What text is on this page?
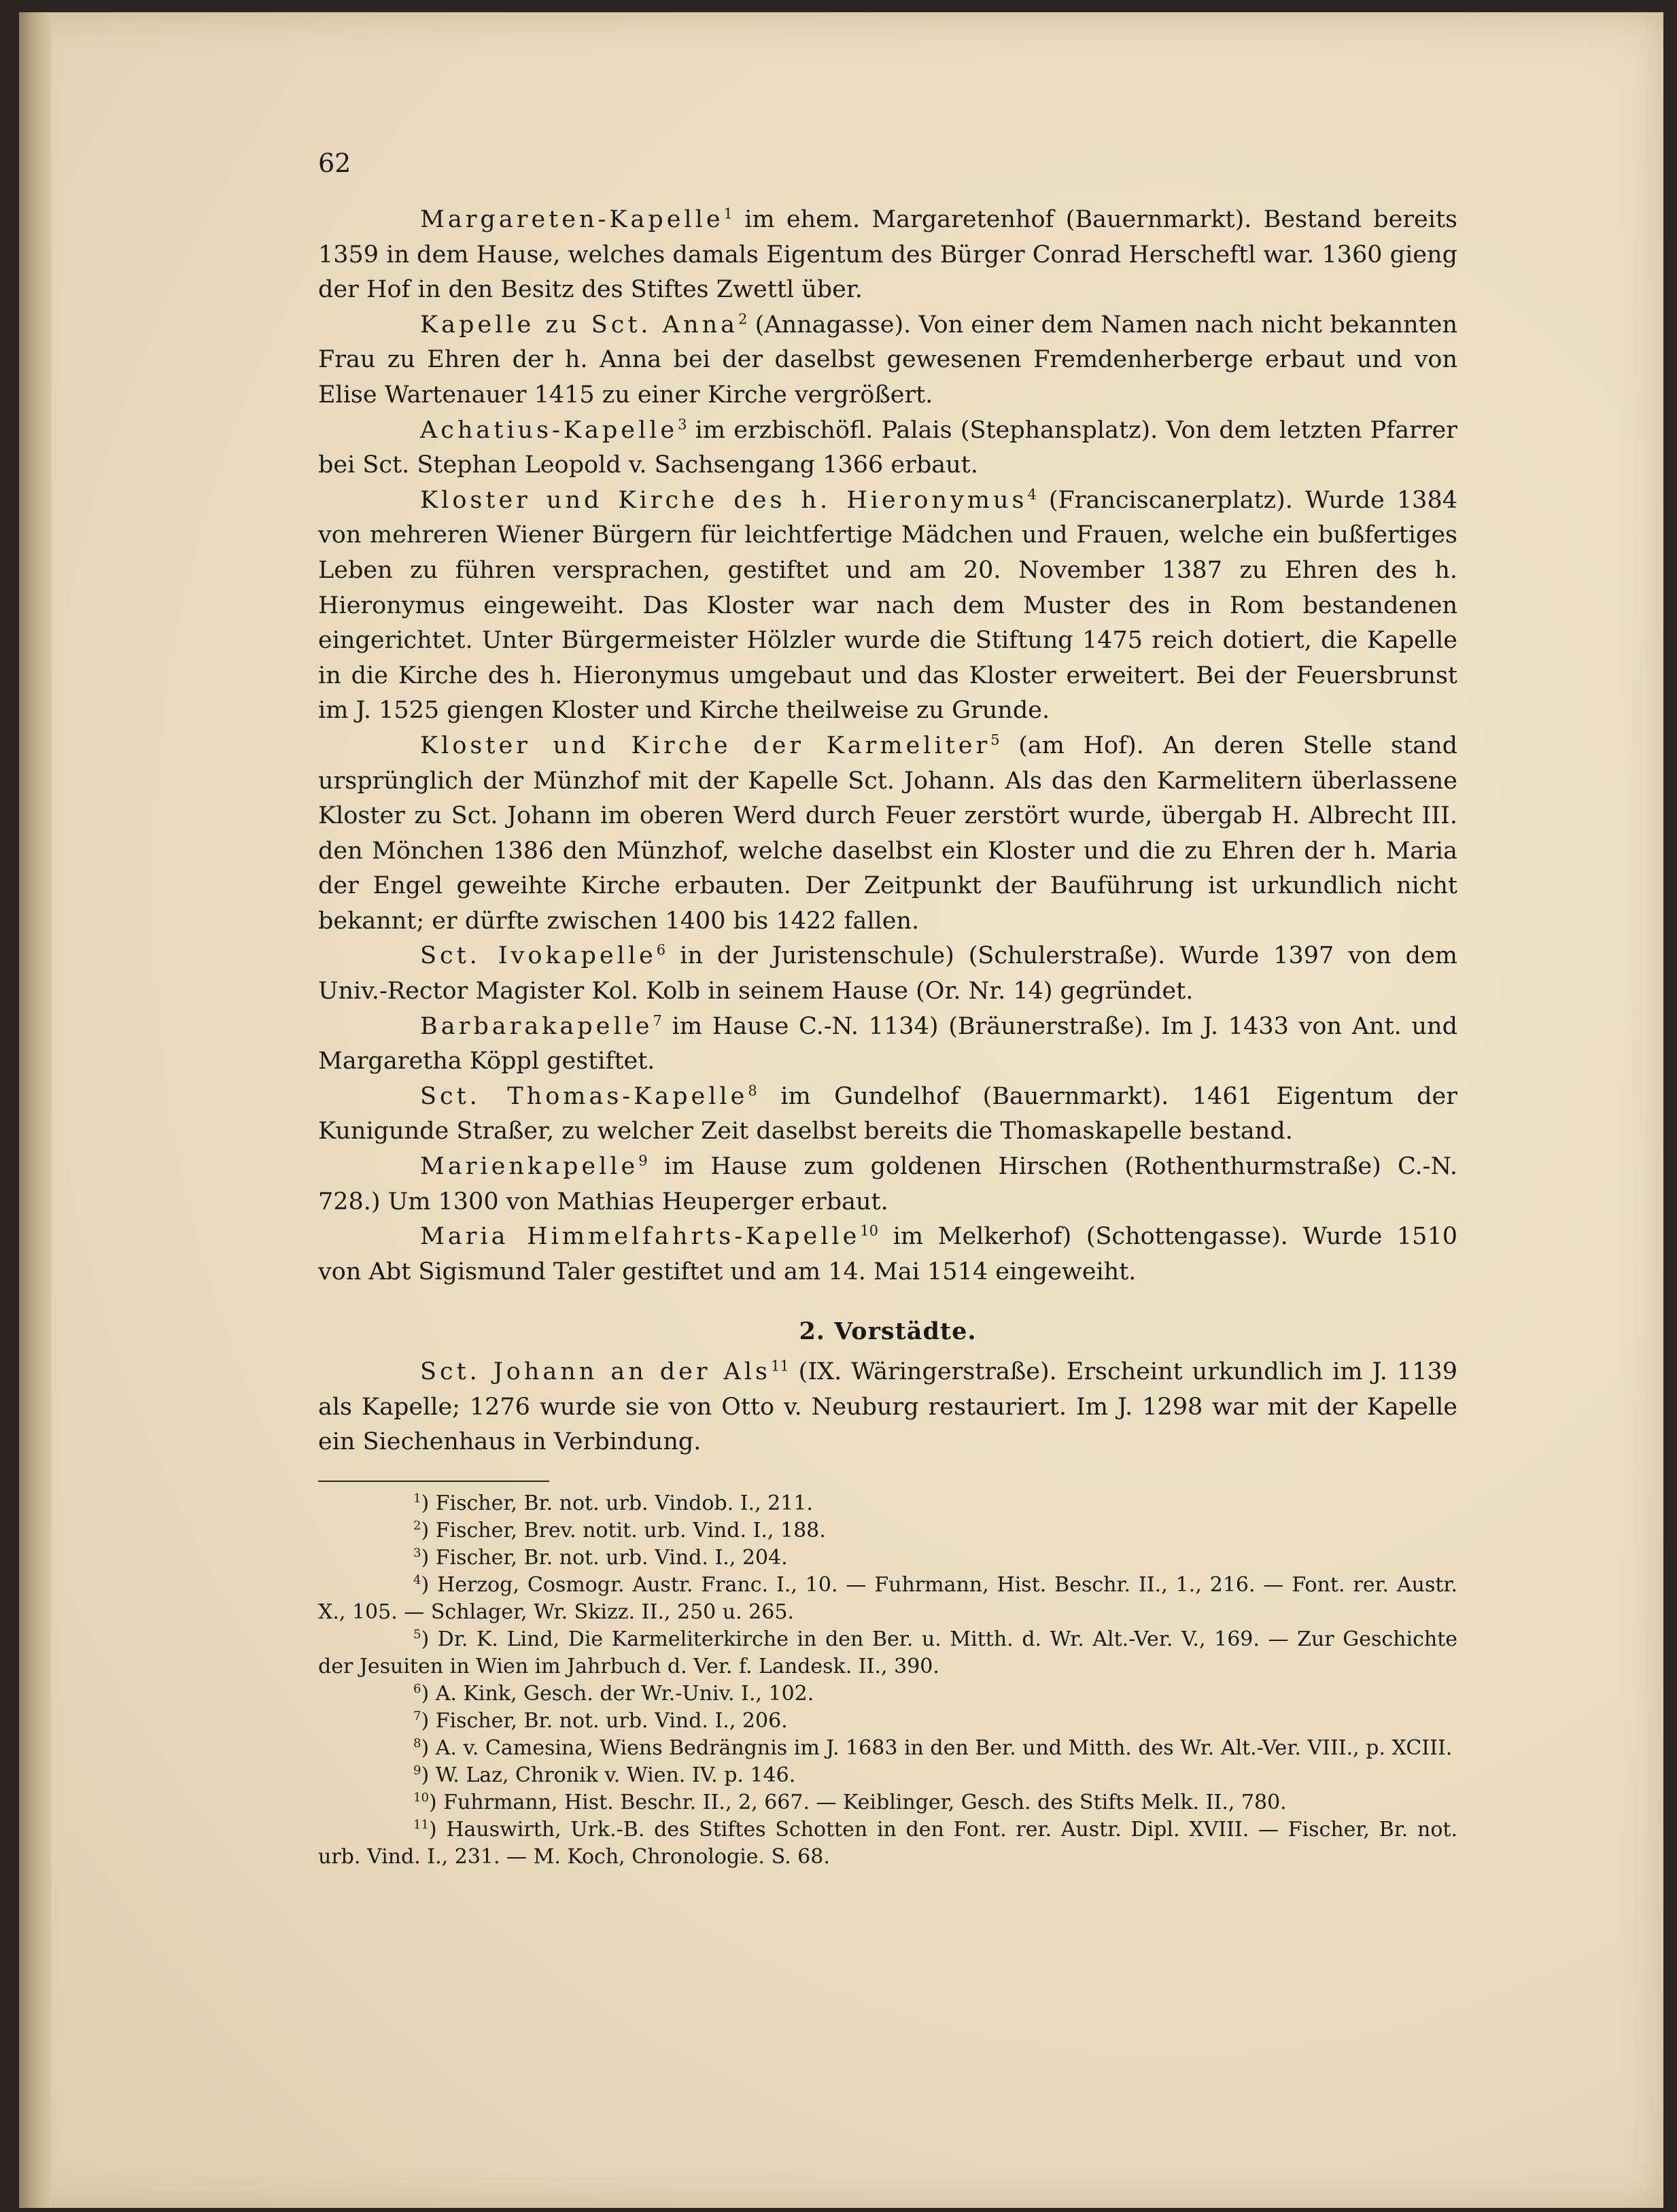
62

Margareten-Kapelle$^1$ im ehem. Margaretenhof (Bauernmarkt). Bestand bereits 1359 in dem Hause, welches damals Eigentum des Bürger Conrad Herscheftl war. 1360 gieng der Hof in den Besitz des Stiftes Zwettl über.

Kapelle zu Sct. Anna$^2$ (Annagasse). Von einer dem Namen nach nicht bekannten Frau zu Ehren der h. Anna bei der daselbst gewesenen Fremdenherberge erbaut und von Elise Wartenauer 1415 zu einer Kirche vergrößert.

Achatius-Kapelle$^3$ im erzbischöfl. Palais (Stephansplatz). Von dem letzten Pfarrer bei Sct. Stephan Leopold v. Sachsengang 1366 erbaut.

Kloster und Kirche des h. Hieronymus$^4$ (Franciscanerplatz). Wurde 1384 von mehreren Wiener Bürgern für leichtfertige Mädchen und Frauen, welche ein bußfertiges Leben zu führen versprachen, gestiftet und am 20. November 1387 zu Ehren des h. Hieronymus eingeweiht. Das Kloster war nach dem Muster des in Rom bestandenen eingerichtet. Unter Bürgermeister Hölzler wurde die Stiftung 1475 reich dotiert, die Kapelle in die Kirche des h. Hieronymus umgebaut und das Kloster erweitert. Bei der Feuersbrunst im J. 1525 giengen Kloster und Kirche theilweise zu Grunde.

Kloster und Kirche der Karmeliter$^5$ (am Hof). An deren Stelle stand ursprünglich der Münzhof mit der Kapelle Sct. Johann. Als das den Karmelitern überlassene Kloster zu Sct. Johann im oberen Werd durch Feuer zerstört wurde, übergab H. Albrecht III. den Mönchen 1386 den Münzhof, welche daselbst ein Kloster und die zu Ehren der h. Maria der Engel geweihte Kirche erbauten. Der Zeitpunkt der Bauführung ist urkundlich nicht bekannt; er dürfte zwischen 1400 bis 1422 fallen.

Sct. Ivokapelle$^6$ in der Juristenschule) (Schulerstraße). Wurde 1397 von dem Univ.-Rector Magister Kol. Kolb in seinem Hause (Or. Nr. 14) gegründet.

Barbarakapelle$^7$ im Hause C.-N. 1134) (Bräunerstraße). Im J. 1433 von Ant. und Margaretha Köppl gestiftet.

Sct. Thomas-Kapelle$^8$ im Gundelhof (Bauernmarkt). 1461 Eigentum der Kunigunde Straßer, zu welcher Zeit daselbst bereits die Thomaskapelle bestand.

Marienkapelle$^9$ im Hause zum goldenen Hirschen (Rothenthurmstraße) C.-N. 728.) Um 1300 von Mathias Heuperger erbaut.

Maria Himmelfahrts-Kapelle$^{10}$ im Melkerhof) (Schottengasse). Wurde 1510 von Abt Sigismund Taler gestiftet und am 14. Mai 1514 eingeweiht.

2. Vorstädte.

Sct. Johann an der Als$^{11}$ (IX. Wäringerstraße). Erscheint urkundlich im J. 1139 als Kapelle; 1276 wurde sie von Otto v. Neuburg restauriert. Im J. 1298 war mit der Kapelle ein Siechenhaus in Verbindung.

$^1$) Fischer, Br. not. urb. Vindob. I., 211.

$^2$) Fischer, Brev. notit. urb. Vind. I., 188.

$^3$) Fischer, Br. not. urb. Vind. I., 204.

$^4$) Herzog, Cosmogr. Austr. Franc. I., 10. — Fuhrmann, Hist. Beschr. II., 1., 216. — Font. rer. Austr. X., 105. — Schlager, Wr. Skizz. II., 250 u. 265.

$^5$) Dr. K. Lind, Die Karmeliterkirche in den Ber. u. Mitth. d. Wr. Alt.-Ver. V., 169. — Zur Geschichte der Jesuiten in Wien im Jahrbuch d. Ver. f. Landesk. II., 390.

$^6$) A. Kink, Gesch. der Wr.-Univ. I., 102.

$^7$) Fischer, Br. not. urb. Vind. I., 206.

$^8$) A. v. Camesina, Wiens Bedrängnis im J. 1683 in den Ber. und Mitth. des Wr. Alt.-Ver. VIII., p. XCIII.

$^9$) W. Laz, Chronik v. Wien. IV. p. 146.

$^{10}$) Fuhrmann, Hist. Beschr. II., 2, 667. — Keiblinger, Gesch. des Stifts Melk. II., 780.

$^{11}$) Hauswirth, Urk.-B. des Stiftes Schotten in den Font. rer. Austr. Dipl. XVIII. — Fischer, Br. not. urb. Vind. I., 231. — M. Koch, Chronologie. S. 68.
